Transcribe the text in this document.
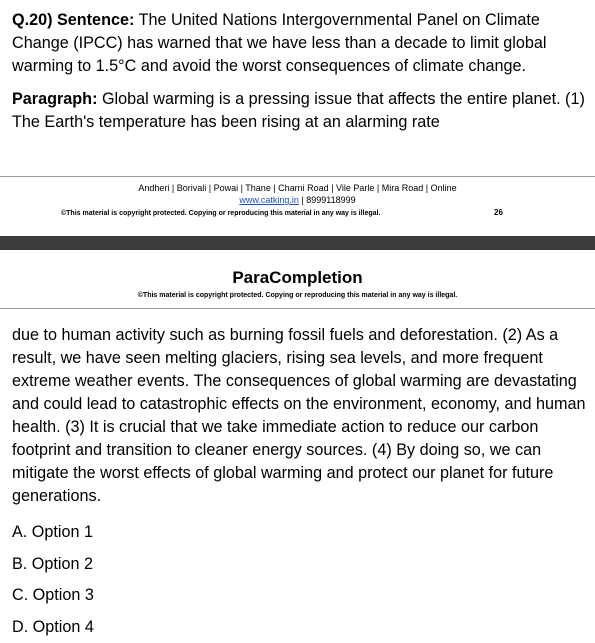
Q.20) Sentence: The United Nations Intergovernmental Panel on Climate Change (IPCC) has warned that we have less than a decade to limit global warming to 1.5°C and avoid the worst consequences of climate change.

Paragraph: Global warming is a pressing issue that affects the entire planet. (1) The Earth's temperature has been rising at an alarming rate

Andheri | Borivali | Powai | Thane | Charni Road | Vile Parle | Mira Road | Online
www.catking.in | 8999118999
©This material is copyright protected. Copying or reproducing this material in any way is illegal.	26
ParaCompletion
©This material is copyright protected. Copying or reproducing this material in any way is illegal.

due to human activity such as burning fossil fuels and deforestation. (2) As a result, we have seen melting glaciers, rising sea levels, and more frequent extreme weather events. The consequences of global warming are devastating and could lead to catastrophic effects on the environment, economy, and human health. (3) It is crucial that we take immediate action to reduce our carbon footprint and transition to cleaner energy sources. (4) By doing so, we can mitigate the worst effects of global warming and protect our planet for future generations.

A. Option 1
B. Option 2
C. Option 3
D. Option 4
